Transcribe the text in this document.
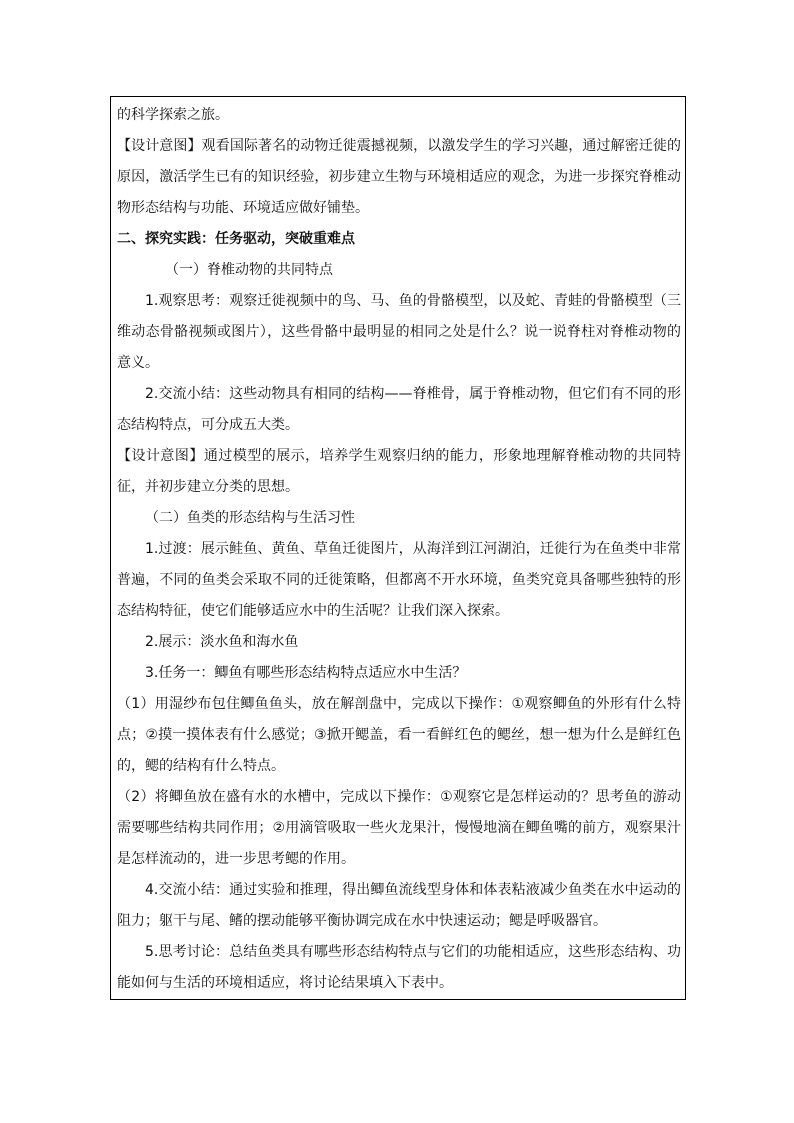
的科学探索之旅。

【设计意图】观看国际著名的动物迁徙震撼视频，以激发学生的学习兴趣，通过解密迁徙的原因，激活学生已有的知识经验，初步建立生物与环境相适应的观念，为进一步探究脊椎动物形态结构与功能、环境适应做好铺垫。

二、探究实践：任务驱动，突破重难点

（一）脊椎动物的共同特点

1.观察思考：观察迁徙视频中的鸟、马、鱼的骨骼模型，以及蛇、青蛙的骨骼模型（三维动态骨骼视频或图片），这些骨骼中最明显的相同之处是什么？说一说脊柱对脊椎动物的意义。

2.交流小结：这些动物具有相同的结构——脊椎骨，属于脊椎动物，但它们有不同的形态结构特点，可分成五大类。

【设计意图】通过模型的展示，培养学生观察归纳的能力，形象地理解脊椎动物的共同特征，并初步建立分类的思想。

（二）鱼类的形态结构与生活习性

1.过渡：展示鲑鱼、黄鱼、草鱼迁徙图片，从海洋到江河湖泊，迁徙行为在鱼类中非常普遍，不同的鱼类会采取不同的迁徙策略，但都离不开水环境，鱼类究竟具备哪些独特的形态结构特征，使它们能够适应水中的生活呢？让我们深入探索。

2.展示：淡水鱼和海水鱼

3.任务一：鲫鱼有哪些形态结构特点适应水中生活？

（1）用湿纱布包住鲫鱼鱼头，放在解剖盘中，完成以下操作：①观察鲫鱼的外形有什么特点；②摸一摸体表有什么感觉；③掀开鳃盖，看一看鲜红色的鳃丝，想一想为什么是鲜红色的，鳃的结构有什么特点。

（2）将鲫鱼放在盛有水的水槽中，完成以下操作：①观察它是怎样运动的？思考鱼的游动需要哪些结构共同作用；②用滴管吸取一些火龙果汁，慢慢地滴在鲫鱼嘴的前方，观察果汁是怎样流动的，进一步思考鳃的作用。

4.交流小结：通过实验和推理，得出鲫鱼流线型身体和体表粘液减少鱼类在水中运动的阻力；躯干与尾、鳍的摆动能够平衡协调完成在水中快速运动；鳃是呼吸器官。

5.思考讨论：总结鱼类具有哪些形态结构特点与它们的功能相适应，这些形态结构、功能如何与生活的环境相适应，将讨论结果填入下表中。
